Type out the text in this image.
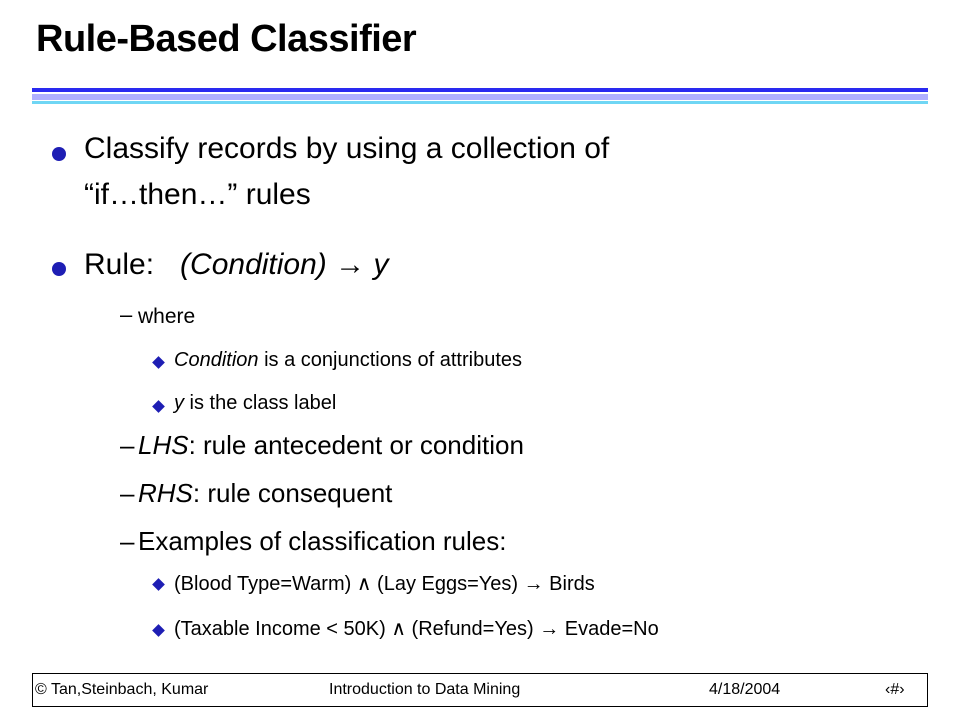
Rule-Based Classifier
Classify records by using a collection of
“if…then…” rules
Rule: (Condition) → y
– where
Condition is a conjunctions of attributes
y is the class label
– LHS: rule antecedent or condition
– RHS: rule consequent
– Examples of classification rules:
(Blood Type=Warm) ∧ (Lay Eggs=Yes) → Birds
(Taxable Income < 50K) ∧ (Refund=Yes) → Evade=No
© Tan,Steinbach, Kumar	Introduction to Data Mining	4/18/2004	‹#›
